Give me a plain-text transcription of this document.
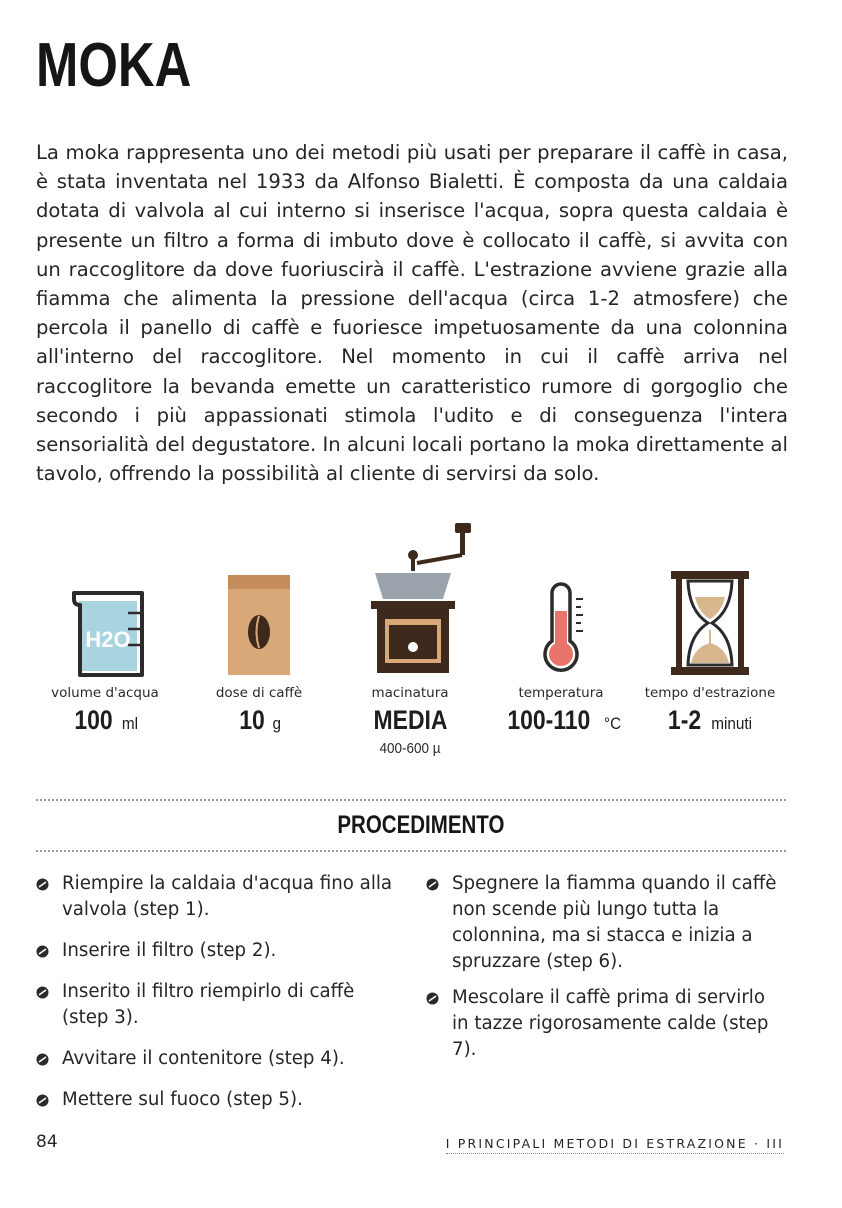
MOKA

La moka rappresenta uno dei metodi più usati per preparare il caffè in casa, è stata inventata nel 1933 da Alfonso Bialetti. È composta da una caldaia dotata di valvola al cui interno si inserisce l'acqua, sopra questa caldaia è presente un filtro a forma di imbuto dove è collocato il caffè, si avvita con un raccoglitore da dove fuoriuscirà il caffè. L'estrazione avviene grazie alla fiamma che alimenta la pressione dell'acqua (circa 1-2 atmosfere) che percola il panello di caffè e fuoriesce impetuosamente da una colonnina all'interno del raccoglitore. Nel momento in cui il caffè arriva nel raccoglitore la bevanda emette un caratteristico rumore di gorgoglio che secondo i più appassionati stimola l'udito e di conseguenza l'intera sensorialità del degustatore. In alcuni locali portano la moka direttamente al tavolo, offrendo la possibilità al cliente di servirsi da solo.

H2O
volume d'acqua
100 ml
dose di caffè
10 g
macinatura
MEDIA
400-600 µ
temperatura
100-110 °C
tempo d'estrazione
1-2 minuti
PROCEDIMENTO
Riempire la caldaia d'acqua fino alla valvola (step 1).
Inserire il filtro (step 2).
Inserito il filtro riempirlo di caffè (step 3).
Avvitare il contenitore (step 4).
Mettere sul fuoco (step 5).
Spegnere la fiamma quando il caffè non scende più lungo tutta la colonnina, ma si stacca e inizia a spruzzare (step 6).
Mescolare il caffè prima di servirlo in tazze rigorosamente calde (step 7).
84	I PRINCIPALI METODI DI ESTRAZIONE · III
